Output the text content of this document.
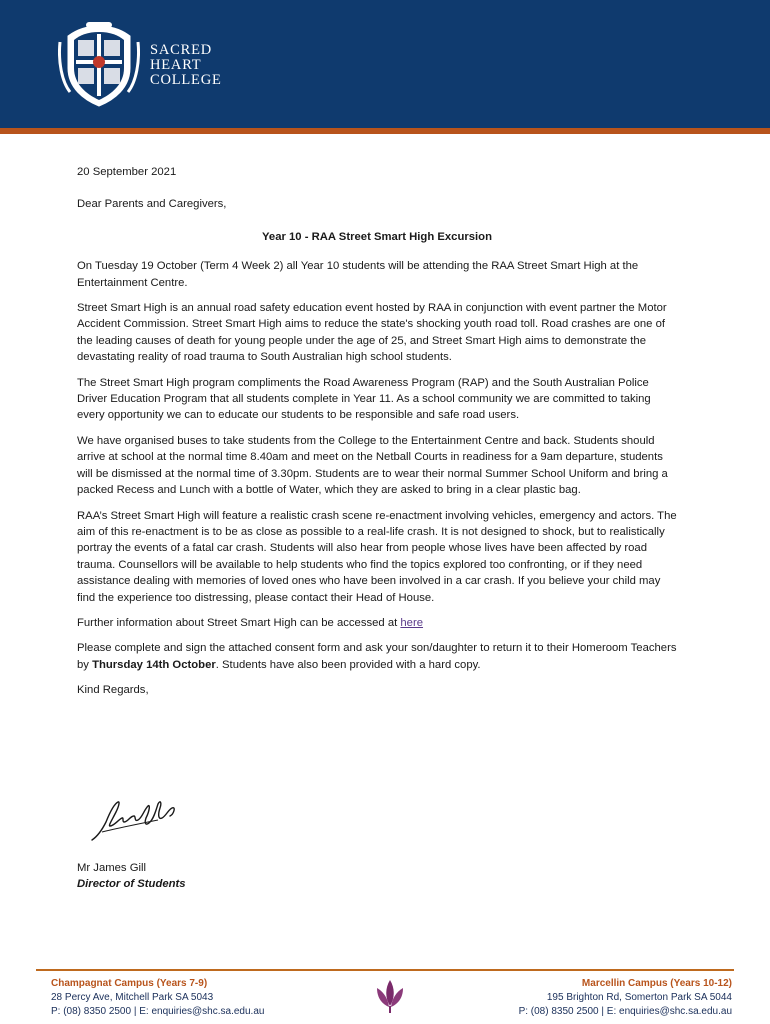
SACRED
HEART
COLLEGE

20 September 2021

Dear Parents and Caregivers,

Year 10 - RAA Street Smart High Excursion

On Tuesday 19 October (Term 4 Week 2) all Year 10 students will be attending the RAA Street Smart High at the Entertainment Centre.

Street Smart High is an annual road safety education event hosted by RAA in conjunction with event partner the Motor Accident Commission. Street Smart High aims to reduce the state's shocking youth road toll. Road crashes are one of the leading causes of death for young people under the age of 25, and Street Smart High aims to demonstrate the devastating reality of road trauma to South Australian high school students.

The Street Smart High program compliments the Road Awareness Program (RAP) and the South Australian Police Driver Education Program that all students complete in Year 11. As a school community we are committed to taking every opportunity we can to educate our students to be responsible and safe road users.

We have organised buses to take students from the College to the Entertainment Centre and back. Students should arrive at school at the normal time 8.40am and meet on the Netball Courts in readiness for a 9am departure, students will be dismissed at the normal time of 3.30pm. Students are to wear their normal Summer School Uniform and bring a packed Recess and Lunch with a bottle of Water, which they are asked to bring in a clear plastic bag.

RAA’s Street Smart High will feature a realistic crash scene re-enactment involving vehicles, emergency and actors. The aim of this re-enactment is to be as close as possible to a real-life crash. It is not designed to shock, but to realistically portray the events of a fatal car crash. Students will also hear from people whose lives have been affected by road trauma. Counsellors will be available to help students who find the topics explored too confronting, or if they need assistance dealing with memories of loved ones who have been involved in a car crash. If you believe your child may find the experience too distressing, please contact their Head of House.

Further information about Street Smart High can be accessed at here

Please complete and sign the attached consent form and ask your son/daughter to return it to their Homeroom Teachers by Thursday 14th October. Students have also been provided with a hard copy.

Kind Regards,

Mr James Gill
Director of Students
Champagnat Campus (Years 7-9)
28 Percy Ave, Mitchell Park SA 5043
P: (08) 8350 2500 | E: enquiries@shc.sa.edu.au
Marcellin Campus (Years 10-12)
195 Brighton Rd, Somerton Park SA 5044
P: (08) 8350 2500 | E: enquiries@shc.sa.edu.au
